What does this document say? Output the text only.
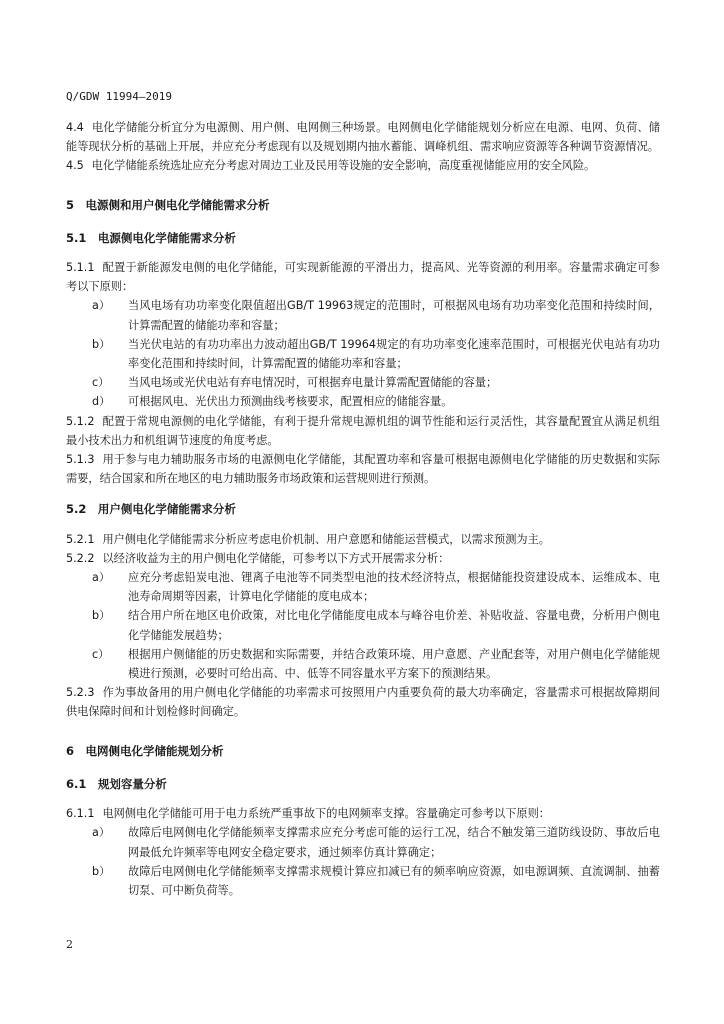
Q/GDW 11994—2019

4.4 电化学储能分析宜分为电源侧、用户侧、电网侧三种场景。电网侧电化学储能规划分析应在电源、电网、负荷、储能等现状分析的基础上开展，并应充分考虑现有以及规划期内抽水蓄能、调峰机组、需求响应资源等各种调节资源情况。

4.5 电化学储能系统选址应充分考虑对周边工业及民用等设施的安全影响，高度重视储能应用的安全风险。

5　电源侧和用户侧电化学储能需求分析
5.1　电源侧电化学储能需求分析

5.1.1 配置于新能源发电侧的电化学储能，可实现新能源的平滑出力，提高风、光等资源的利用率。容量需求确定可参考以下原则：

a） 当风电场有功功率变化限值超出GB/T 19963规定的范围时，可根据风电场有功功率变化范围和持续时间，计算需配置的储能功率和容量；

b） 当光伏电站的有功功率出力波动超出GB/T 19964规定的有功功率变化速率范围时，可根据光伏电站有功功率变化范围和持续时间，计算需配置的储能功率和容量；

c） 当风电场或光伏电站有弃电情况时，可根据弃电量计算需配置储能的容量；

d） 可根据风电、光伏出力预测曲线考核要求，配置相应的储能容量。

5.1.2 配置于常规电源侧的电化学储能，有利于提升常规电源机组的调节性能和运行灵活性，其容量配置宜从满足机组最小技术出力和机组调节速度的角度考虑。

5.1.3 用于参与电力辅助服务市场的电源侧电化学储能，其配置功率和容量可根据电源侧电化学储能的历史数据和实际需要，结合国家和所在地区的电力辅助服务市场政策和运营规则进行预测。

5.2　用户侧电化学储能需求分析

5.2.1 用户侧电化学储能需求分析应考虑电价机制、用户意愿和储能运营模式，以需求预测为主。

5.2.2 以经济收益为主的用户侧电化学储能，可参考以下方式开展需求分析：

a） 应充分考虑铅炭电池、锂离子电池等不同类型电池的技术经济特点，根据储能投资建设成本、运维成本、电池寿命周期等因素，计算电化学储能的度电成本；

b） 结合用户所在地区电价政策，对比电化学储能度电成本与峰谷电价差、补贴收益、容量电费，分析用户侧电化学储能发展趋势；

c） 根据用户侧储能的历史数据和实际需要，并结合政策环境、用户意愿、产业配套等，对用户侧电化学储能规模进行预测，必要时可给出高、中、低等不同容量水平方案下的预测结果。

5.2.3 作为事故备用的用户侧电化学储能的功率需求可按照用户内重要负荷的最大功率确定，容量需求可根据故障期间供电保障时间和计划检修时间确定。

6　电网侧电化学储能规划分析
6.1　规划容量分析

6.1.1 电网侧电化学储能可用于电力系统严重事故下的电网频率支撑。容量确定可参考以下原则：

a） 故障后电网侧电化学储能频率支撑需求应充分考虑可能的运行工况，结合不触发第三道防线设防、事故后电网最低允许频率等电网安全稳定要求，通过频率仿真计算确定；

b） 故障后电网侧电化学储能频率支撑需求规模计算应扣减已有的频率响应资源，如电源调频、直流调制、抽蓄切泵、可中断负荷等。

2
